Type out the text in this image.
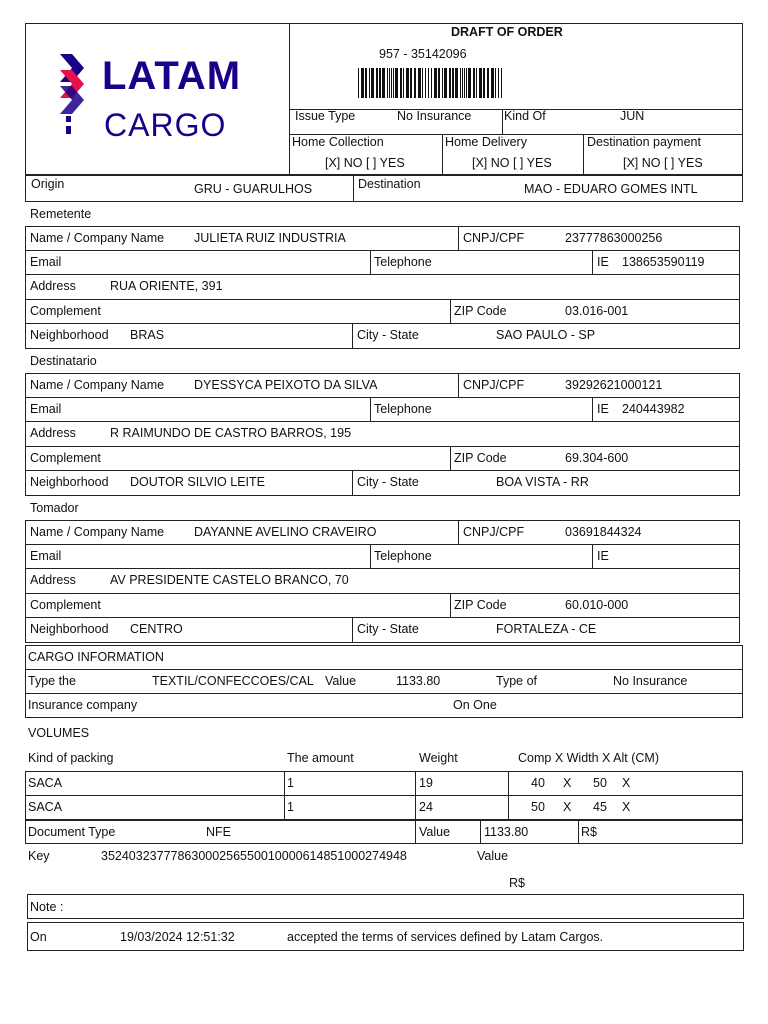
LATAM
CARGO
DRAFT OF ORDER
957 - 35142096
Issue Type	No Insurance	Kind Of	JUN
Home Collection
[X] NO [ ] YES
Home Delivery
[X] NO [ ] YES
Destination payment
[X] NO [ ] YES
Origin	GRU - GUARULHOS	Destination	MAO - EDUARO GOMES INTL
Remetente
Name / Company Name JULIETA RUIZ INDUSTRIA	CNPJ/CPF	23777863000256
Email	Telephone	IE 138653590119
Address	RUA ORIENTE, 391
Complement	ZIP Code	03.016-001
Neighborhood BRAS	City - State	SAO PAULO - SP
Destinatario
Name / Company Name DYESSYCA PEIXOTO DA SILVA	CNPJ/CPF	39292621000121
Email	Telephone	IE 240443982
Address	R RAIMUNDO DE CASTRO BARROS, 195
Complement	ZIP Code	69.304-600
Neighborhood DOUTOR SILVIO LEITE	City - State	BOA VISTA - RR
Tomador
Name / Company Name DAYANNE AVELINO CRAVEIRO	CNPJ/CPF	03691844324
Email	Telephone	IE
Address	AV PRESIDENTE CASTELO BRANCO, 70
Complement	ZIP Code	60.010-000
Neighborhood CENTRO	City - State	FORTALEZA - CE
CARGO INFORMATION
Type the	TEXTIL/CONFECCOES/CAL Value	1133.80	Type of	No Insurance
Insurance company	On One
VOLUMES
Kind of packing	The amount	Weight	Comp X Width X Alt (CM)
SACA	1	19	40 X 50 X
SACA	1	24	50 X 45 X
Document Type	NFE	Value	1133.80	R$
Key	35240323777863000256550010000614851000274948	Value
R$
Note :
On	19/03/2024 12:51:32	accepted the terms of services defined by Latam Cargos.
